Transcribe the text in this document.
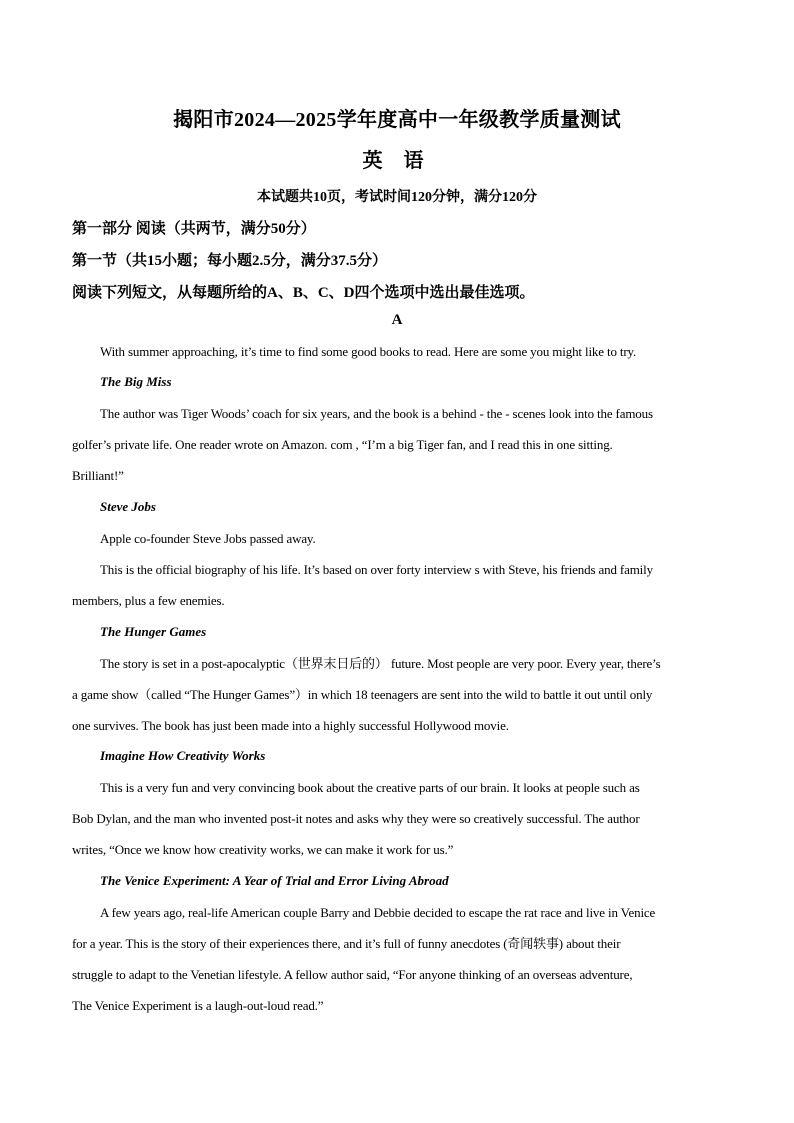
揭阳市2024—2025学年度高中一年级教学质量测试
英 语
本试题共10页，考试时间120分钟，满分120分
第一部分 阅读（共两节，满分50分）
第一节（共15小题；每小题2.5分，满分37.5分）
阅读下列短文，从每题所给的A、B、C、D四个选项中选出最佳选项。
A
With summer approaching, it’s time to find some good books to read. Here are some you might like to try.
The Big Miss
The author was Tiger Woods’ coach for six years, and the book is a behind - the - scenes look into the famous
golfer’s private life. One reader wrote on Amazon. com , “I’m a big Tiger fan, and I read this in one sitting.
Brilliant!”
Steve Jobs
Apple co-founder Steve Jobs passed away.
This is the official biography of his life. It’s based on over forty interview s with Steve, his friends and family
members, plus a few enemies.
The Hunger Games
The story is set in a post-apocalyptic（世界末日后的） future. Most people are very poor. Every year, there’s
a game show（called “The Hunger Games”）in which 18 teenagers are sent into the wild to battle it out until only
one survives. The book has just been made into a highly successful Hollywood movie.
Imagine How Creativity Works
This is a very fun and very convincing book about the creative parts of our brain. It looks at people such as
Bob Dylan, and the man who invented post-it notes and asks why they were so creatively successful. The author
writes, “Once we know how creativity works, we can make it work for us.”
The Venice Experiment: A Year of Trial and Error Living Abroad
A few years ago, real-life American couple Barry and Debbie decided to escape the rat race and live in Venice
for a year. This is the story of their experiences there, and it’s full of funny anecdotes (奇闻轶事) about their
struggle to adapt to the Venetian lifestyle. A fellow author said, “For anyone thinking of an overseas adventure,
The Venice Experiment is a laugh-out-loud read.”
